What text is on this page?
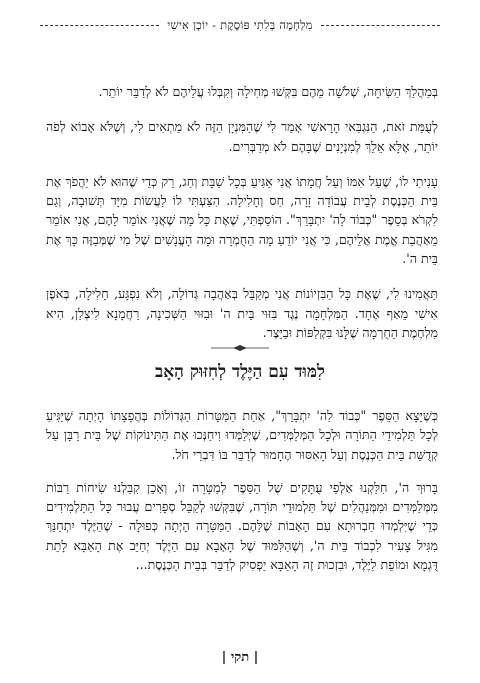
מִלְחָמָה בְּלִתִי פּוֹסֶקֶת - יוֹכָן אִישִׁי

בְּמַהֲלַךְ הַשִּׂיחָה, שְׁלֹשָׁה מֵהֶם בִּקְּשׁוּ מְחִילָה וְקִבְּלוּ עֲלֵיהֶם לֹא לְדַבֵּר יוֹתֵר.

לְעֻמַּת זֹאת, הַנִּגְבַּאי הָרָאשִׁי אָמַר לִי שֶׁהַמִּנְיָן הַזֶּה לֹא מַתְאִים לִי, וְשֶׁלֹּא אָבוֹא לְפֹה יוֹתֵר, אֶלָּא אֵלֵךְ לְמִנְיָנִים שֶׁבָּהֶם לֹא מְדַבְּרִים.

עָנִיתִי לוֹ, שֶׁעַל אִמּוֹ וְעַל חֲמָתוֹ אֲנִי אַגִּיעַ בְּכָל שַׁבָּת וְחַג, רַק כְּדֵי שֶׁהוּא לֹא יַהֲפֹךְ אֶת בֵּית הַכְּנֶסֶת לְבֵית עֲבוֹדָה זָרָה, חַס וְחָלִילָה. הִצַּעְתִּי לוֹ לַעֲשׂוֹת מִיָּד תְּשׁוּבָה, וְגַם לִקְרֹא בְּסֵפֶר "כְּבוֹד לַה' יִתְבָּרֵךְ". הוֹסַפְתִּי, שֶׁאֶת כָּל מָה שֶׁאֲנִי אוֹמֵר לָהֶם, אֲנִי אוֹמֵר מֵאַהֲבַת אֱמֶת אֲלֵיהֶם, כִּי אֲנִי יוֹדֵעַ מָה הַחֻמְרָה וּמָה הָעֳנָשִׁים שֶׁל מִי שֶׁמְּבַזֶּה כָּךְ אֶת בֵּית ה'.

תַּאֲמִינוּ לִי, שֶׁאֶת כָּל הַבִּזְיוֹנוֹת אֲנִי מְקַבֵּל בְּאַהֲבָה גְּדוֹלָה, וְלֹא נִפְגָּע, חָלִילָה, בְּאֹפֶן אִישִׁי מֵאַף אֶחָד. הַמִּלְחָמָה נֶגֶד בִּזּוּי בֵּית ה' וּבִזּוּי הַשְּׁכִינָה, רַחֲמָנָא לִיצְלַן, הִיא מִלְחֶמֶת הַחֻרְמָה שֶׁלָּנוּ בִּקְלִפּוֹת וּבַיֵּצֶר.

לִמּוּד עִם הַיֶּלֶד לְחִזּוּק הָאָב

כְּשֶׁיָּצָא הַסֵּפֶר "כְּבוֹד לַה' יִתְבָּרֵךְ", אַחַת הַמַּטָּרוֹת הַגְּדוֹלוֹת בְּהֲפָצָתוֹ הָיְתָה שֶׁיַּגִּיעַ לְכָל תַּלְמִידֵי הַתּוֹרָה וּלְכָל הַמְּלַמְּדִים, שֶׁיְּלַמְּדוּ וִיחַנְּכוּ אֶת הַתִּינוֹקוֹת שֶׁל בֵּית רַבָּן עַל קְדֻשַּׁת בֵּית הַכְּנֶסֶת וְעַל הָאִסּוּר הֶחָמוּר לְדַבֵּר בּוֹ דִּבְרֵי חֹל.

בָּרוּךְ ה', חִלַּקְנוּ אַלְפֵי עֻתָּקִים שֶׁל הַסֵּפֶר לְמַטָּרָה זוֹ, וְאָכֵן קִבַּלְנוּ שִׂיחוֹת רַבּוֹת מִמְּלַמְּדִים וּמִמְּנַהֲלִים שֶׁל תַּלְמוּדֵי תּוֹרָה, שֶׁבִּקְּשׁוּ לְקַבֵּל סְפָרִים עֲבוּר כָּל הַתַּלְמִידִים כְּדֵי שֶׁיִּלְמְדוּ חַבְרוּתָא עִם הָאָבוֹת שֶׁלָּהֶם. הַמַּטָּרָה הָיְתָה כְּפוּלָה - שֶׁהַיֶּלֶד יִתְחַנֵּךְ מִגִּיל צָעִיר לִכְבוֹד בֵּית ה', וְשֶׁהַלִּמּוּד שֶׁל הָאָבָא עִם הַיֶּלֶד יְחַיֵּב אֶת הָאַבָּא לָתֵת דֻּגְמָא וּמוֹפֵת לַיֶּלֶד, וּבִזְכוּת זֶה הָאַבָּא יַפְסִיק לְדַבֵּר בְּבֵית הַכְּנֶסֶת...

| תקי |
